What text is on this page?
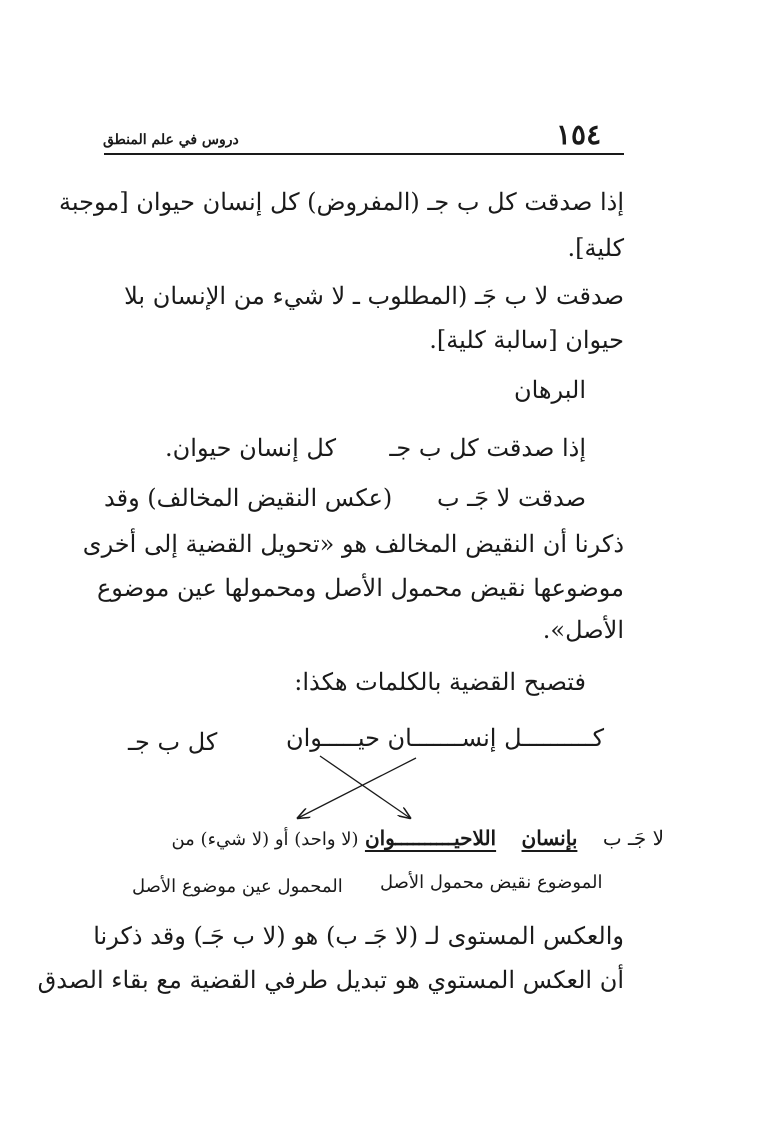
١٥٤
دروس في علم المنطق
إذا صدقت كل ب جـ (المفروض) كل إنسان حيوان [موجبة
كلية].
صدقت لا ب جَـ (المطلوب ـ لا شيء من الإنسان بلا
حيوان [سالبة كلية].
البرهان
إذا صدقت كل ب جـ
كل إنسان حيوان.
صدقت لا جَـ ب
(عكس النقيض المخالف) وقد
ذكرنا أن النقيض المخالف هو «تحويل القضية إلى أخرى
موضوعها نقيض محمول الأصل ومحمولها عين موضوع
الأصل».
فتصبح القضية بالكلمات هكذا:
كل ب جـ	كــــــــــل إنســـــــان حيـــــوان
لا جَـ ب    بإنسان    اللاحيــــــــــوان (لا واحد) أو (لا شيء) من
الموضوع نقيض محمول الأصل
المحمول عين موضوع الأصل
والعكس المستوى لـ (لا جَـ ب) هو (لا ب جَـ) وقد ذكرنا
أن العكس المستوي هو تبديل طرفي القضية مع بقاء الصدق
